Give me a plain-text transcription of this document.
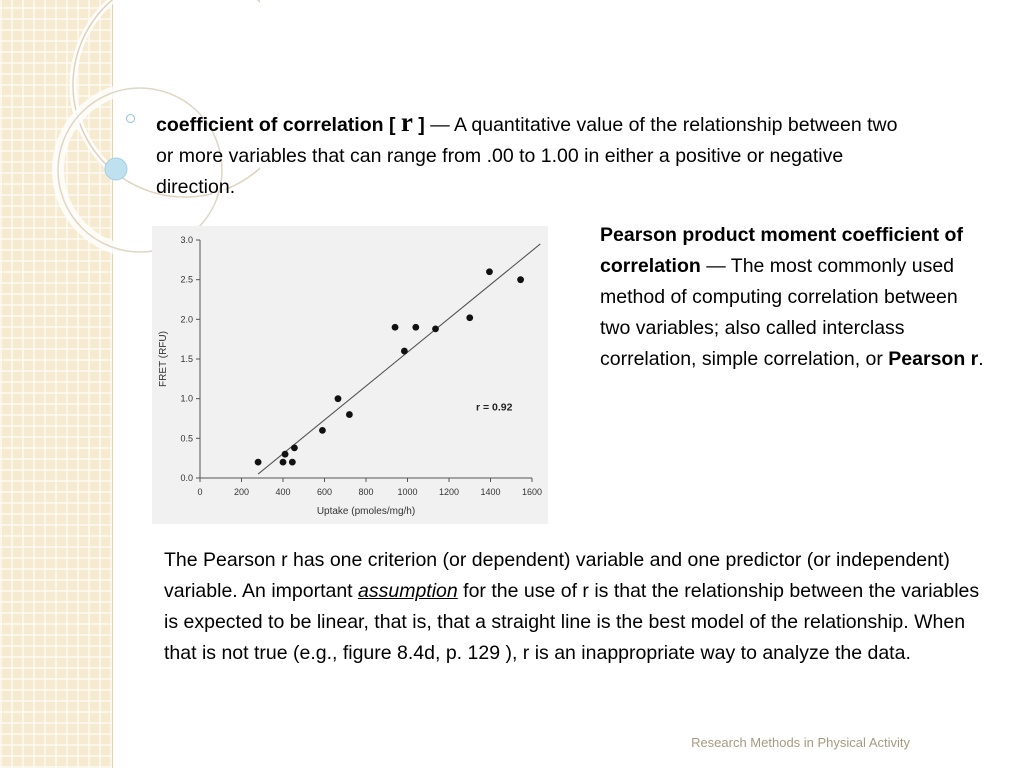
coefficient of correlation [ r ] — A quantitative value of the relationship between two or more variables that can range from .00 to 1.00 in either a positive or negative direction.
0	200	400	600	800	1000 1200 1400 1600
0.0
0.5
1.0
1.5
2.0
2.5
3.0
Uptake (pmoles/mg/h)
FRET (RFU)
r = 0.92
Pearson product moment coefficient of correlation — The most commonly used method of computing correlation between two variables; also called interclass correlation, simple correlation, or Pearson r.
The Pearson r has one criterion (or dependent) variable and one predictor (or independent) variable. An important assumption for the use of r is that the relationship between the variables is expected to be linear, that is, that a straight line is the best model of the relationship. When that is not true (e.g., figure 8.4d, p. 129 ), r is an inappropriate way to analyze the data.
Research Methods in Physical Activity
